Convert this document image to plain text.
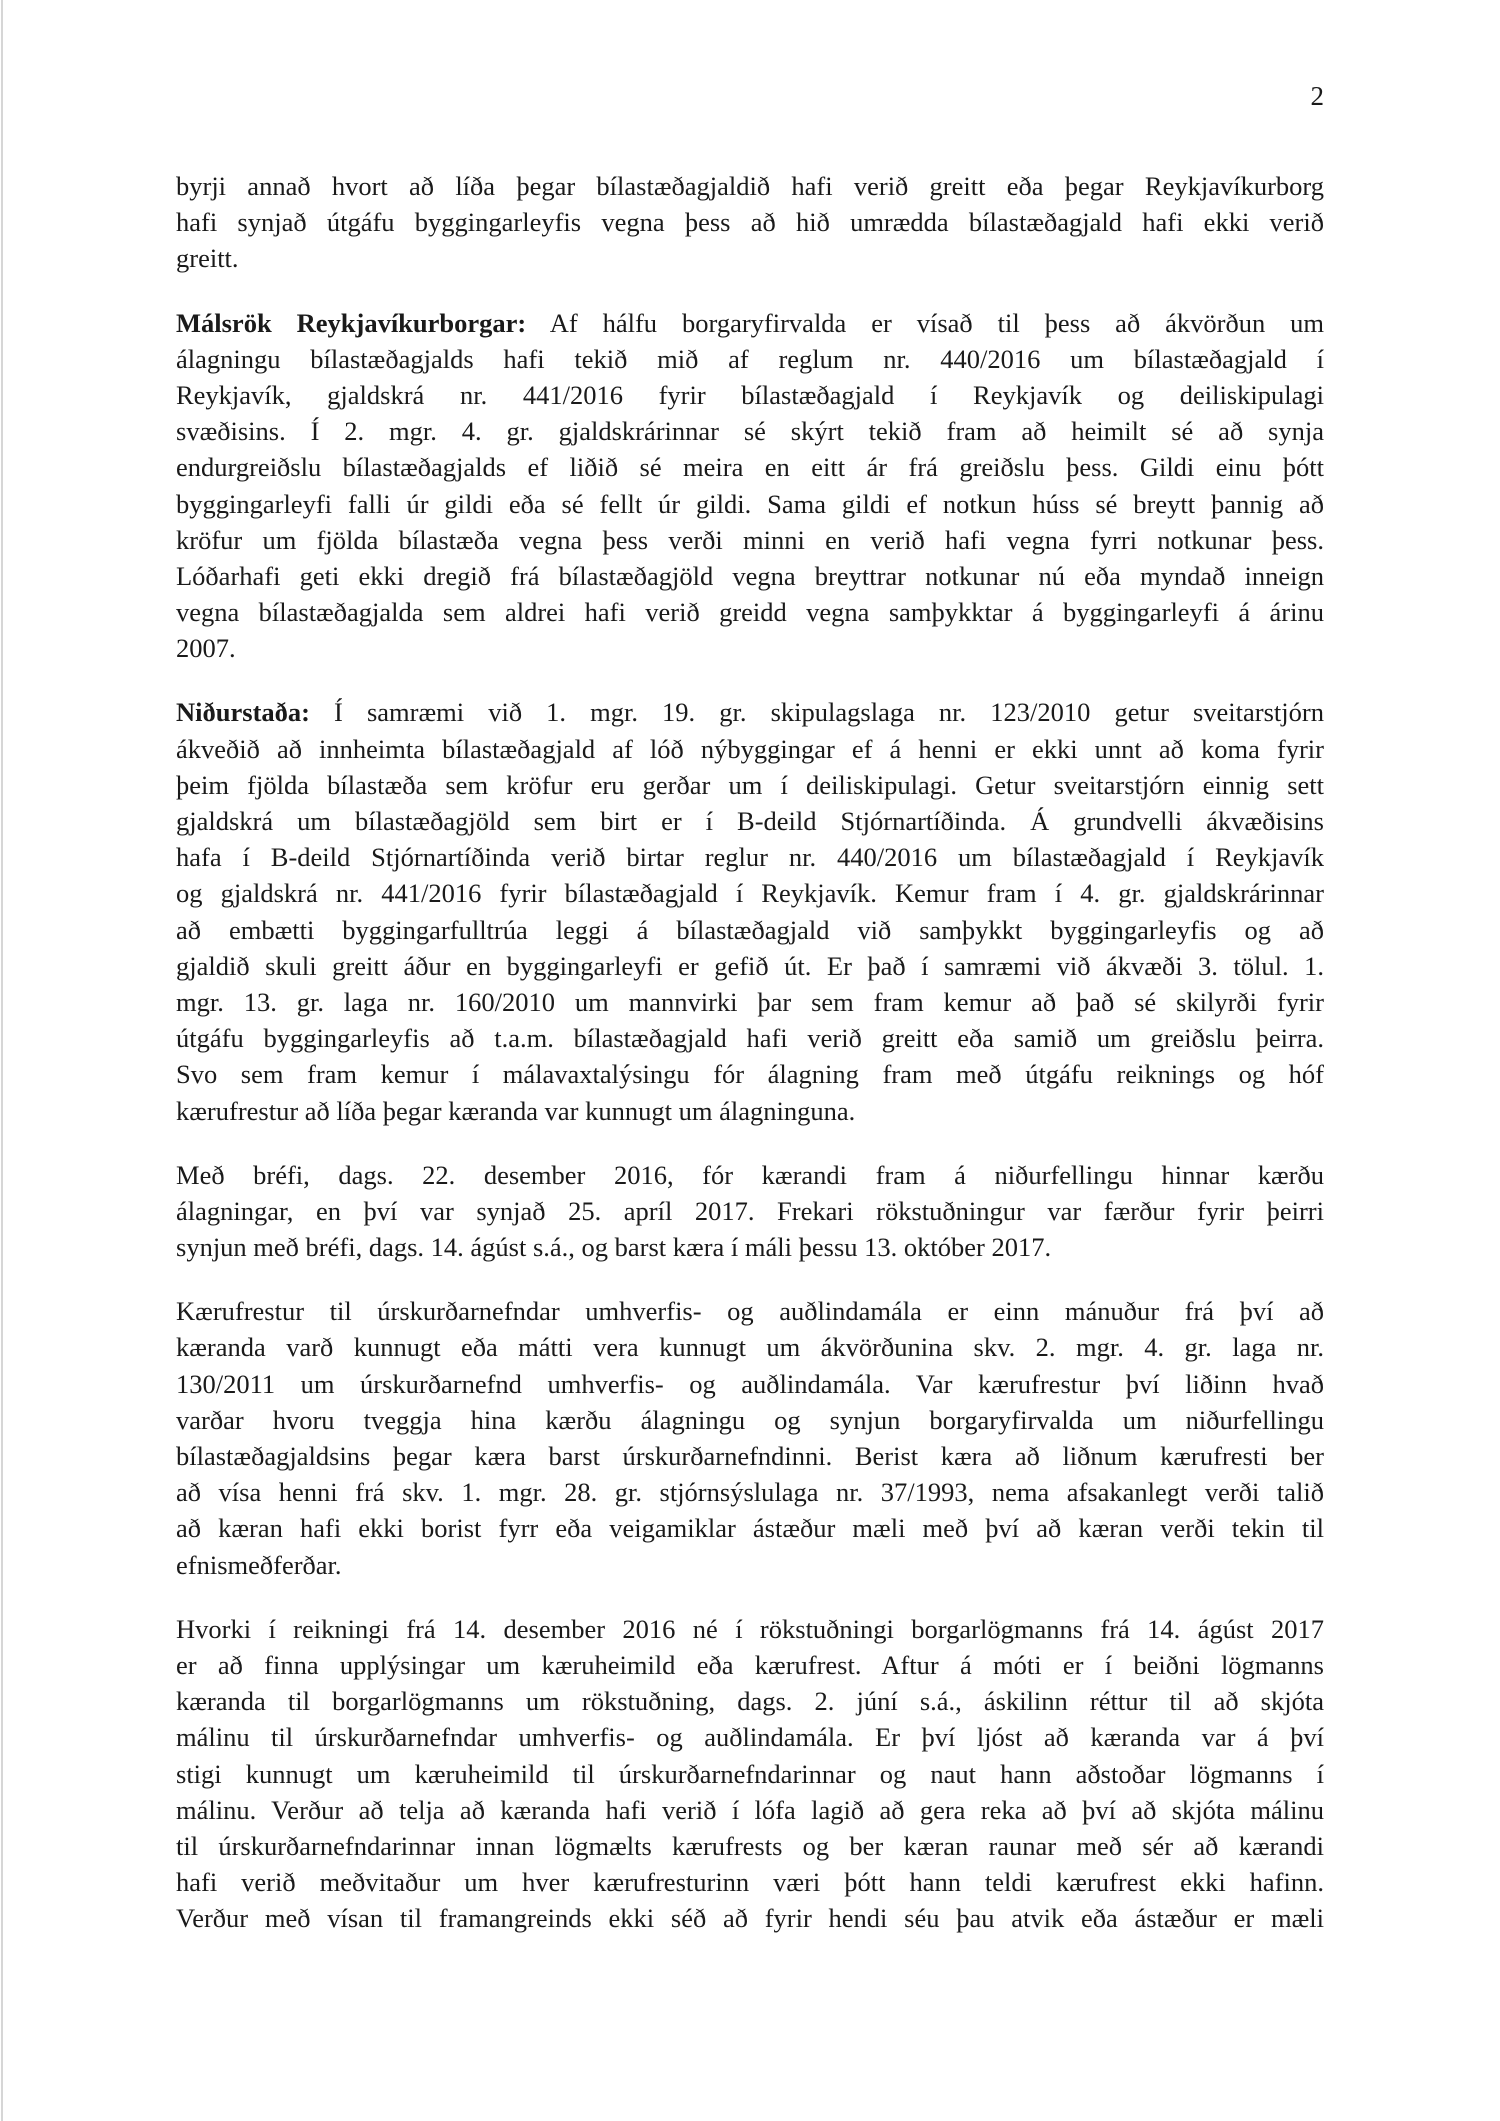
2
byrji annað hvort að líða þegar bílastæðagjaldið hafi verið greitt eða þegar Reykjavíkurborg
hafi synjað útgáfu byggingarleyfis vegna þess að hið umrædda bílastæðagjald hafi ekki verið
greitt.
Málsrök Reykjavíkurborgar: Af hálfu borgaryfirvalda er vísað til þess að ákvörðun um
álagningu bílastæðagjalds hafi tekið mið af reglum nr. 440/2016 um bílastæðagjald í
Reykjavík, gjaldskrá nr. 441/2016 fyrir bílastæðagjald í Reykjavík og deiliskipulagi
svæðisins. Í 2. mgr. 4. gr. gjaldskrárinnar sé skýrt tekið fram að heimilt sé að synja
endurgreiðslu bílastæðagjalds ef liðið sé meira en eitt ár frá greiðslu þess. Gildi einu þótt
byggingarleyfi falli úr gildi eða sé fellt úr gildi. Sama gildi ef notkun húss sé breytt þannig að
kröfur um fjölda bílastæða vegna þess verði minni en verið hafi vegna fyrri notkunar þess.
Lóðarhafi geti ekki dregið frá bílastæðagjöld vegna breyttrar notkunar nú eða myndað inneign
vegna bílastæðagjalda sem aldrei hafi verið greidd vegna samþykktar á byggingarleyfi á árinu
2007.
Niðurstaða: Í samræmi við 1. mgr. 19. gr. skipulagslaga nr. 123/2010 getur sveitarstjórn
ákveðið að innheimta bílastæðagjald af lóð nýbyggingar ef á henni er ekki unnt að koma fyrir
þeim fjölda bílastæða sem kröfur eru gerðar um í deiliskipulagi. Getur sveitarstjórn einnig sett
gjaldskrá um bílastæðagjöld sem birt er í B-deild Stjórnartíðinda. Á grundvelli ákvæðisins
hafa í B-deild Stjórnartíðinda verið birtar reglur nr. 440/2016 um bílastæðagjald í Reykjavík
og gjaldskrá nr. 441/2016 fyrir bílastæðagjald í Reykjavík. Kemur fram í 4. gr. gjaldskrárinnar
að embætti byggingarfulltrúa leggi á bílastæðagjald við samþykkt byggingarleyfis og að
gjaldið skuli greitt áður en byggingarleyfi er gefið út. Er það í samræmi við ákvæði 3. tölul. 1.
mgr. 13. gr. laga nr. 160/2010 um mannvirki þar sem fram kemur að það sé skilyrði fyrir
útgáfu byggingarleyfis að t.a.m. bílastæðagjald hafi verið greitt eða samið um greiðslu þeirra.
Svo sem fram kemur í málavaxtalýsingu fór álagning fram með útgáfu reiknings og hóf
kærufrestur að líða þegar kæranda var kunnugt um álagninguna.
Með bréfi, dags. 22. desember 2016, fór kærandi fram á niðurfellingu hinnar kærðu
álagningar, en því var synjað 25. apríl 2017. Frekari rökstuðningur var færður fyrir þeirri
synjun með bréfi, dags. 14. ágúst s.á., og barst kæra í máli þessu 13. október 2017.
Kærufrestur til úrskurðarnefndar umhverfis- og auðlindamála er einn mánuður frá því að
kæranda varð kunnugt eða mátti vera kunnugt um ákvörðunina skv. 2. mgr. 4. gr. laga nr.
130/2011 um úrskurðarnefnd umhverfis- og auðlindamála. Var kærufrestur því liðinn hvað
varðar hvoru tveggja hina kærðu álagningu og synjun borgaryfirvalda um niðurfellingu
bílastæðagjaldsins þegar kæra barst úrskurðarnefndinni. Berist kæra að liðnum kærufresti ber
að vísa henni frá skv. 1. mgr. 28. gr. stjórnsýslulaga nr. 37/1993, nema afsakanlegt verði talið
að kæran hafi ekki borist fyrr eða veigamiklar ástæður mæli með því að kæran verði tekin til
efnismeðferðar.
Hvorki í reikningi frá 14. desember 2016 né í rökstuðningi borgarlögmanns frá 14. ágúst 2017
er að finna upplýsingar um kæruheimild eða kærufrest. Aftur á móti er í beiðni lögmanns
kæranda til borgarlögmanns um rökstuðning, dags. 2. júní s.á., áskilinn réttur til að skjóta
málinu til úrskurðarnefndar umhverfis- og auðlindamála. Er því ljóst að kæranda var á því
stigi kunnugt um kæruheimild til úrskurðarnefndarinnar og naut hann aðstoðar lögmanns í
málinu. Verður að telja að kæranda hafi verið í lófa lagið að gera reka að því að skjóta málinu
til úrskurðarnefndarinnar innan lögmælts kærufrests og ber kæran raunar með sér að kærandi
hafi verið meðvitaður um hver kærufresturinn væri þótt hann teldi kærufrest ekki hafinn.
Verður með vísan til framangreinds ekki séð að fyrir hendi séu þau atvik eða ástæður er mæli
